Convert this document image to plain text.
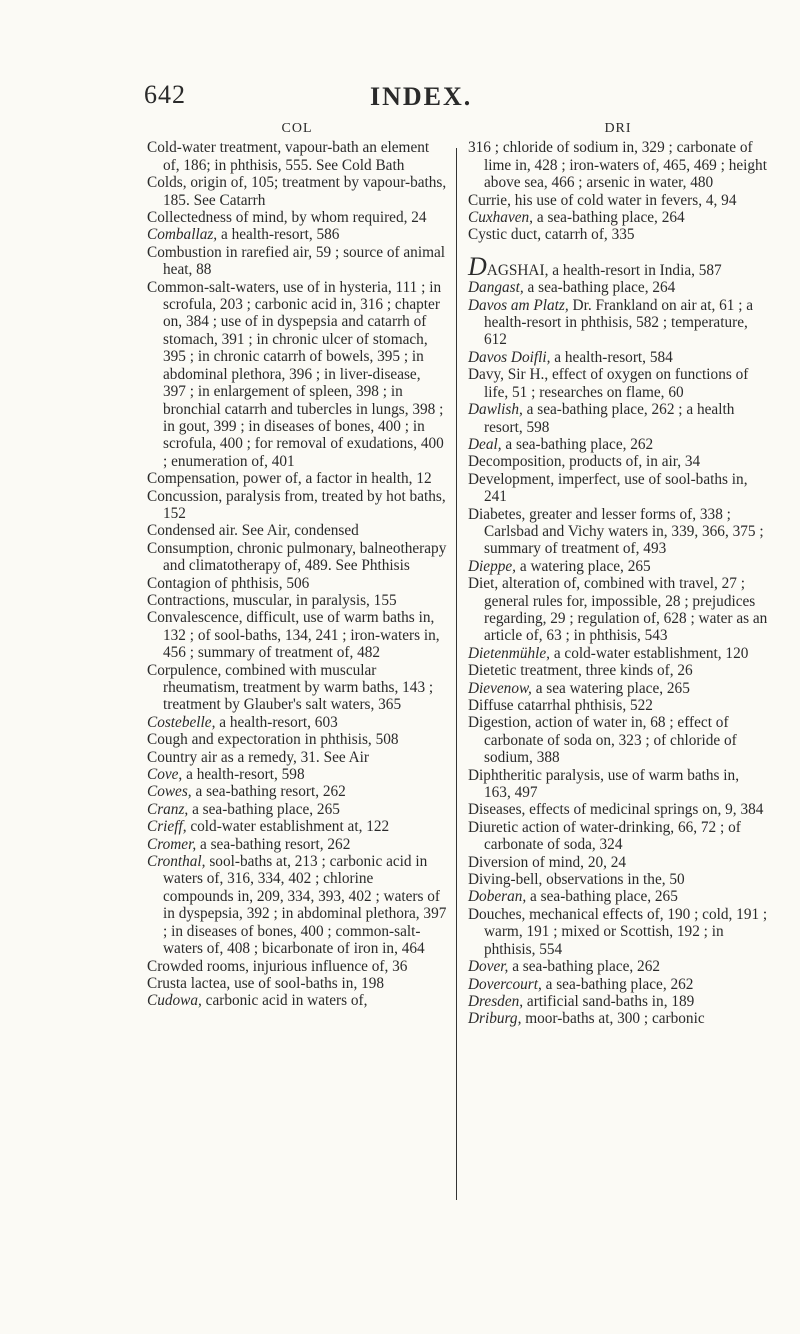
642	INDEX.
COL
Cold-water treatment, vapour-bath an element of, 186; in phthisis, 555. See Cold Bath
Colds, origin of, 105; treatment by vapour-baths, 185. See Catarrh
Collectedness of mind, by whom required, 24
Comballaz, a health-resort, 586
Combustion in rarefied air, 59 ; source of animal heat, 88
Common-salt-waters, use of in hysteria, 111 ; in scrofula, 203 ; carbonic acid in, 316 ; chapter on, 384 ; use of in dyspepsia and catarrh of stomach, 391 ; in chronic ulcer of stomach, 395 ; in chronic catarrh of bowels, 395 ; in abdominal plethora, 396 ; in liver-disease, 397 ; in enlargement of spleen, 398 ; in bronchial catarrh and tubercles in lungs, 398 ; in gout, 399 ; in diseases of bones, 400 ; in scrofula, 400 ; for removal of exudations, 400 ; enumeration of, 401
Compensation, power of, a factor in health, 12
Concussion, paralysis from, treated by hot baths, 152
Condensed air. See Air, condensed
Consumption, chronic pulmonary, balneotherapy and climatotherapy of, 489. See Phthisis
Contagion of phthisis, 506
Contractions, muscular, in paralysis, 155
Convalescence, difficult, use of warm baths in, 132 ; of sool-baths, 134, 241 ; iron-waters in, 456 ; summary of treatment of, 482
Corpulence, combined with muscular rheumatism, treatment by warm baths, 143 ; treatment by Glauber's salt waters, 365
Costebelle, a health-resort, 603
Cough and expectoration in phthisis, 508
Country air as a remedy, 31. See Air
Cove, a health-resort, 598
Cowes, a sea-bathing resort, 262
Cranz, a sea-bathing place, 265
Crieff, cold-water establishment at, 122
Cromer, a sea-bathing resort, 262
Cronthal, sool-baths at, 213 ; carbonic acid in waters of, 316, 334, 402 ; chlorine compounds in, 209, 334, 393, 402 ; waters of in dyspepsia, 392 ; in abdominal plethora, 397 ; in diseases of bones, 400 ; common-salt-waters of, 408 ; bicarbonate of iron in, 464
Crowded rooms, injurious influence of, 36
Crusta lactea, use of sool-baths in, 198
Cudowa, carbonic acid in waters of,
DRI
316 ; chloride of sodium in, 329 ; carbonate of lime in, 428 ; iron-waters of, 465, 469 ; height above sea, 466 ; arsenic in water, 480
Currie, his use of cold water in fevers, 4, 94
Cuxhaven, a sea-bathing place, 264
Cystic duct, catarrh of, 335
DAGSHAI, a health-resort in India, 587
Dangast, a sea-bathing place, 264
Davos am Platz, Dr. Frankland on air at, 61 ; a health-resort in phthisis, 582 ; temperature, 612
Davos Doifli, a health-resort, 584
Davy, Sir H., effect of oxygen on functions of life, 51 ; researches on flame, 60
Dawlish, a sea-bathing place, 262 ; a health resort, 598
Deal, a sea-bathing place, 262
Decomposition, products of, in air, 34
Development, imperfect, use of sool-baths in, 241
Diabetes, greater and lesser forms of, 338 ; Carlsbad and Vichy waters in, 339, 366, 375 ; summary of treatment of, 493
Dieppe, a watering place, 265
Diet, alteration of, combined with travel, 27 ; general rules for, impossible, 28 ; prejudices regarding, 29 ; regulation of, 628 ; water as an article of, 63 ; in phthisis, 543
Dietenmühle, a cold-water establishment, 120
Dietetic treatment, three kinds of, 26
Dievenow, a sea watering place, 265
Diffuse catarrhal phthisis, 522
Digestion, action of water in, 68 ; effect of carbonate of soda on, 323 ; of chloride of sodium, 388
Diphtheritic paralysis, use of warm baths in, 163, 497
Diseases, effects of medicinal springs on, 9, 384
Diuretic action of water-drinking, 66, 72 ; of carbonate of soda, 324
Diversion of mind, 20, 24
Diving-bell, observations in the, 50
Doberan, a sea-bathing place, 265
Douches, mechanical effects of, 190 ; cold, 191 ; warm, 191 ; mixed or Scottish, 192 ; in phthisis, 554
Dover, a sea-bathing place, 262
Dovercourt, a sea-bathing place, 262
Dresden, artificial sand-baths in, 189
Driburg, moor-baths at, 300 ; carbonic
